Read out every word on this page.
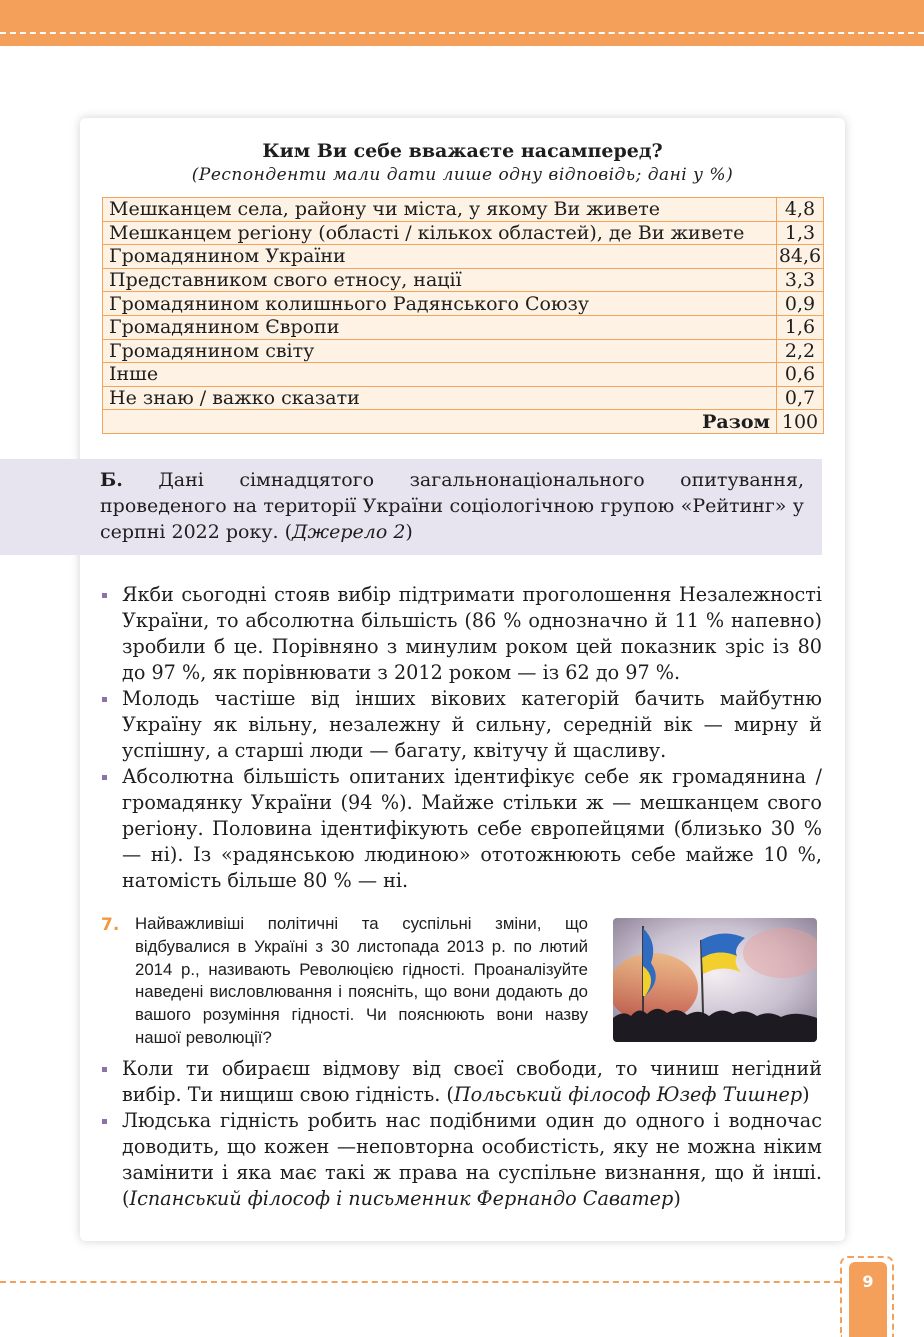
Ким Ви себе вважаєте насамперед?
(Респонденти мали дати лише одну відповідь; дані у %)
Мешканцем села, району чи міста, у якому Ви живете	4,8
Мешканцем регіону (області / кількох областей), де Ви живете	1,3
Громадянином України	84,6
Представником свого етносу, нації	3,3
Громадянином колишнього Радянського Союзу	0,9
Громадянином Європи	1,6
Громадянином світу	2,2
Інше	0,6
Не знаю / важко сказати	0,7
Разом	100
Б. Дані сімнадцятого загальнонаціонального опитування, проведеного на території України соціологічною групою «Рейтинг» у серпні 2022 року. (Джерело 2)
Якби сьогодні стояв вибір підтримати проголошення Незалежності України, то абсолютна більшість (86 % однозначно й 11 % напевно) зробили б це. Порівняно з минулим роком цей показник зріс із 80 до 97 %, як порівнювати з 2012 роком — із 62 до 97 %.
Молодь частіше від інших вікових категорій бачить майбутню Україну як вільну, незалежну й сильну, середній вік — мирну й успішну, а старші люди — багату, квітучу й щасливу.
Абсолютна більшість опитаних ідентифікує себе як громадянина / громадянку України (94 %). Майже стільки ж — мешканцем свого регіону. Половина ідентифікують себе європейцями (близько 30 % — ні). Із «радянською людиною» ототожнюють себе майже 10 %, натомість більше 80 % — ні.
7. Найважливіші політичні та суспільні зміни, що відбувалися в Україні з 30 листопада 2013 р. по лютий 2014 р., називають Революцією гідності. Проаналізуйте наведені висловлювання і поясніть, що вони додають до вашого розуміння гідності. Чи пояснюють вони назву нашої революції?
Коли ти обираєш відмову від своєї свободи, то чиниш негідний вибір. Ти нищиш свою гідність. (Польський філософ Юзеф Тишнер)
Людська гідність робить нас подібними один до одного і водночас доводить, що кожен —неповторна особистість, яку не можна ніким замінити і яка має такі ж права на суспільне визнання, що й інші. (Іспанський філософ і письменник Фернандо Саватер)
9
